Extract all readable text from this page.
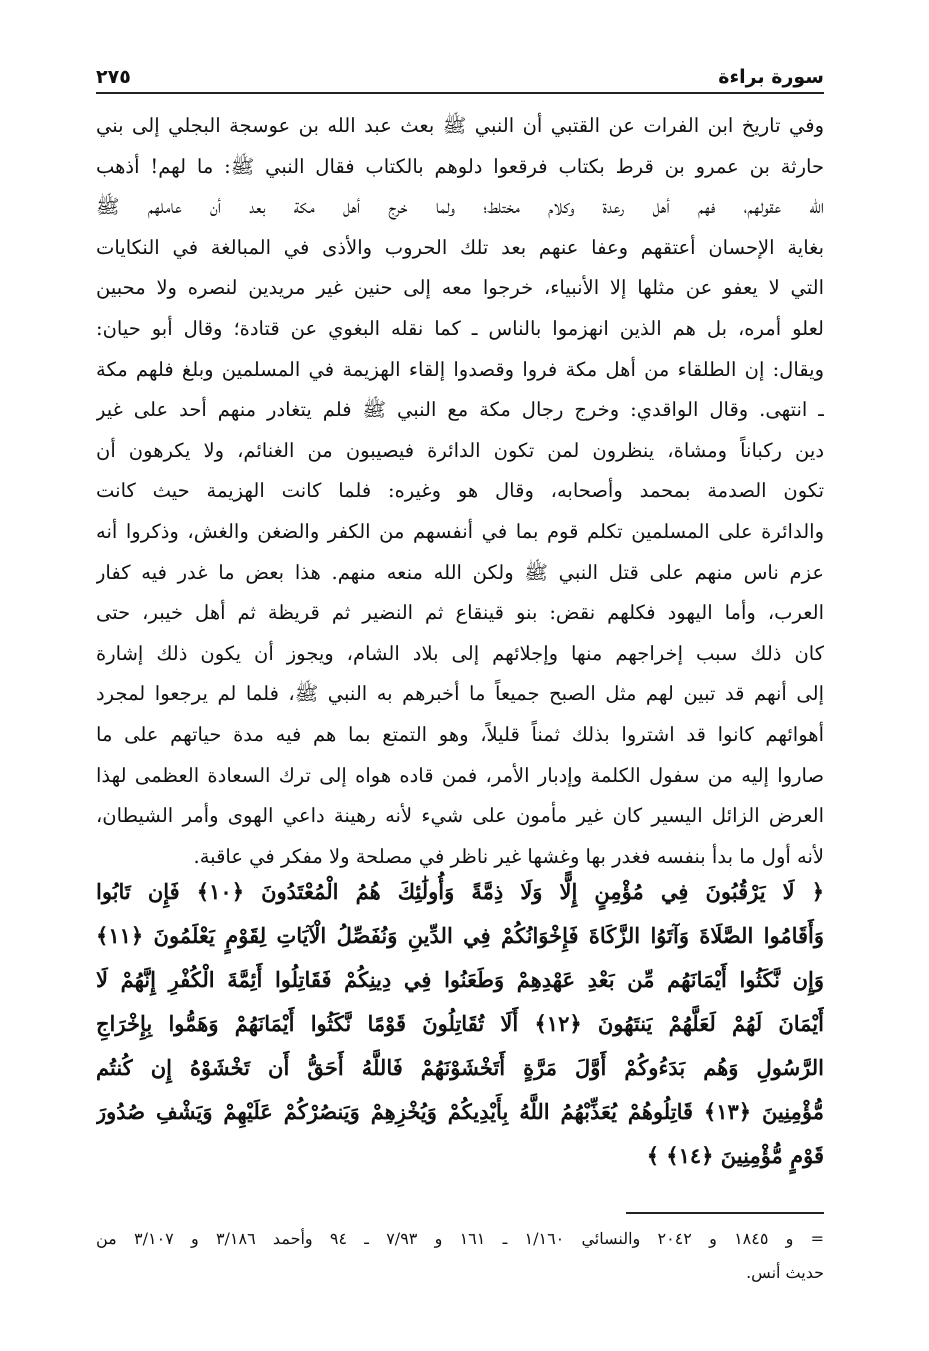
سورة براءة
٢٧٥
وفي تاريخ ابن الفرات عن القتبي أن النبي ﷺ بعث عبد الله بن عوسجة البجلي إلى بني
حارثة بن عمرو بن قرط بكتاب فرقعوا دلوهم بالكتاب فقال النبي ﷺ: ما لهم! أذهب
الله عقولهم، فهم أهل رعدة وكلام مختلط؛ ولما خرج أهل مكة بعد أن عاملهم ﷺ
بغاية الإحسان أعتقهم وعفا عنهم بعد تلك الحروب والأذى في المبالغة في النكايات
التي لا يعفو عن مثلها إلا الأنبياء، خرجوا معه إلى حنين غير مريدين لنصره ولا محبين
لعلو أمره، بل هم الذين انهزموا بالناس ـ كما نقله البغوي عن قتادة؛ وقال أبو حيان:
ويقال: إن الطلقاء من أهل مكة فروا وقصدوا إلقاء الهزيمة في المسلمين وبلغ فلهم مكة
ـ انتهى. وقال الواقدي: وخرج رجال مكة مع النبي ﷺ فلم يتغادر منهم أحد على غير
دين ركباناً ومشاة، ينظرون لمن تكون الدائرة فيصيبون من الغنائم، ولا يكرهون أن
تكون الصدمة بمحمد وأصحابه، وقال هو وغيره: فلما كانت الهزيمة حيث كانت
والدائرة على المسلمين تكلم قوم بما في أنفسهم من الكفر والضغن والغش، وذكروا أنه
عزم ناس منهم على قتل النبي ﷺ ولكن الله منعه منهم. هذا بعض ما غدر فيه كفار
العرب، وأما اليهود فكلهم نقض: بنو قينقاع ثم النضير ثم قريظة ثم أهل خيبر، حتى
كان ذلك سبب إخراجهم منها وإجلائهم إلى بلاد الشام، ويجوز أن يكون ذلك إشارة
إلى أنهم قد تبين لهم مثل الصبح جميعاً ما أخبرهم به النبي ﷺ، فلما لم يرجعوا لمجرد
أهوائهم كانوا قد اشتروا بذلك ثمناً قليلاً، وهو التمتع بما هم فيه مدة حياتهم على ما
صاروا إليه من سفول الكلمة وإدبار الأمر، فمن قاده هواه إلى ترك السعادة العظمى لهذا
العرض الزائل اليسير كان غير مأمون على شيء لأنه رهينة داعي الهوى وأمر الشيطان،
لأنه أول ما بدأ بنفسه فغدر بها وغشها غير ناظر في مصلحة ولا مفكر في عاقبة.
﴿ لَا يَرْقُبُونَ فِي مُؤْمِنٍ إِلًّا وَلَا ذِمَّةً وَأُولَٰئِكَ هُمُ الْمُعْتَدُونَ ﴿١٠﴾ فَإِن تَابُوا
وَأَقَامُوا الصَّلَاةَ وَآتَوُا الزَّكَاةَ فَإِخْوَانُكُمْ فِي الدِّينِ وَنُفَصِّلُ الْآيَاتِ لِقَوْمٍ يَعْلَمُونَ ﴿١١﴾
وَإِن نَّكَثُوا أَيْمَانَهُم مِّن بَعْدِ عَهْدِهِمْ وَطَعَنُوا فِي دِينِكُمْ فَقَاتِلُوا أَئِمَّةَ الْكُفْرِ إِنَّهُمْ لَا
أَيْمَانَ لَهُمْ لَعَلَّهُمْ يَنتَهُونَ ﴿١٢﴾ أَلَا تُقَاتِلُونَ قَوْمًا نَّكَثُوا أَيْمَانَهُمْ وَهَمُّوا بِإِخْرَاجِ
الرَّسُولِ وَهُم بَدَءُوكُمْ أَوَّلَ مَرَّةٍ أَتَخْشَوْنَهُمْ فَاللَّهُ أَحَقُّ أَن تَخْشَوْهُ إِن كُنتُم
مُّؤْمِنِينَ ﴿١٣﴾ قَاتِلُوهُمْ يُعَذِّبْهُمُ اللَّهُ بِأَيْدِيكُمْ وَيُخْزِهِمْ وَيَنصُرْكُمْ عَلَيْهِمْ وَيَشْفِ صُدُورَ
قَوْمٍ مُّؤْمِنِينَ ﴿١٤﴾ ﴾
= و ١٨٤٥ و ٢٠٤٢ والنسائي ١/١٦٠ ـ ١٦١ و ٧/٩٣ ـ ٩٤ وأحمد ٣/١٨٦ و ٣/١٠٧ من
حديث أنس.
